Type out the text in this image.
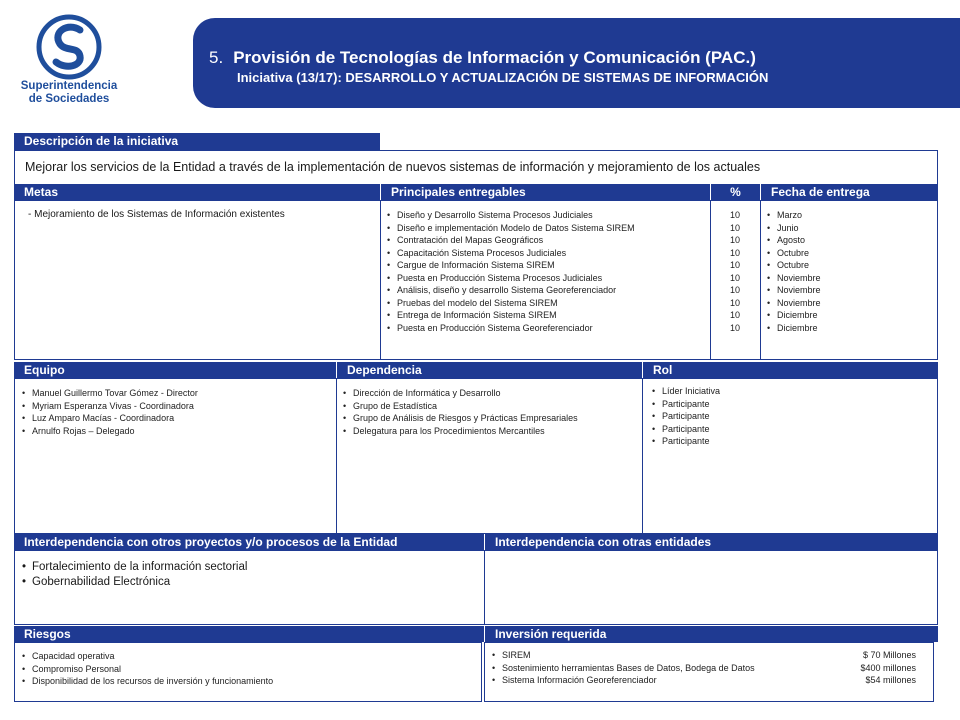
Superintendencia
de Sociedades
5. Provisión de Tecnologías de Información y Comunicación (PAC.)
Iniciativa (13/17): DESARROLLO Y ACTUALIZACIÓN DE SISTEMAS DE INFORMACIÓN
Descripción de la iniciativa
Mejorar los servicios de la Entidad a través de la implementación de nuevos sistemas de información y mejoramiento de los actuales
Metas	Principales entregables	%	Fecha de entrega
- Mejoramiento de los Sistemas de Información existentes
•	Diseño y Desarrollo Sistema Procesos Judiciales
• Diseño e implementación Modelo de Datos Sistema SIREM
• Contratación del Mapas Geográficos
• Capacitación Sistema Procesos Judiciales
• Cargue de Información Sistema SIREM
• Puesta en Producción Sistema Procesos Judiciales
• Análisis, diseño y desarrollo Sistema Georeferenciador
• Pruebas del modelo del Sistema SIREM
• Entrega de Información Sistema SIREM
• Puesta en Producción Sistema Georeferenciador
10
10
10
10
10
10
10
10
10
10
• Marzo
• Junio
• Agosto
• Octubre
• Octubre
• Noviembre
• Noviembre
• Noviembre
• Diciembre
• Diciembre
Equipo	Dependencia	Rol
• Manuel Guillermo Tovar Gómez - Director
• Myriam Esperanza Vivas - Coordinadora
• Luz Amparo Macías - Coordinadora
• Arnulfo Rojas – Delegado
• Dirección de Informática y Desarrollo
• Grupo de Estadística
• Grupo de Análisis de Riesgos y Prácticas Empresariales
• Delegatura para los Procedimientos Mercantiles
• Líder Iniciativa
• Participante
• Participante
• Participante
• Participante
Interdependencia con otros proyectos y/o procesos de la Entidad	Interdependencia con otras entidades
• Fortalecimiento de la información sectorial
• Gobernabilidad Electrónica
Riesgos	Inversión requerida
• Capacidad operativa
• Compromiso Personal
• Disponibilidad de los recursos de inversión y funcionamiento
• SIREM	$ 70 Millones
• Sostenimiento herramientas Bases de Datos, Bodega de Datos	$400 millones
• Sistema Información Georeferenciador	$54 millones
